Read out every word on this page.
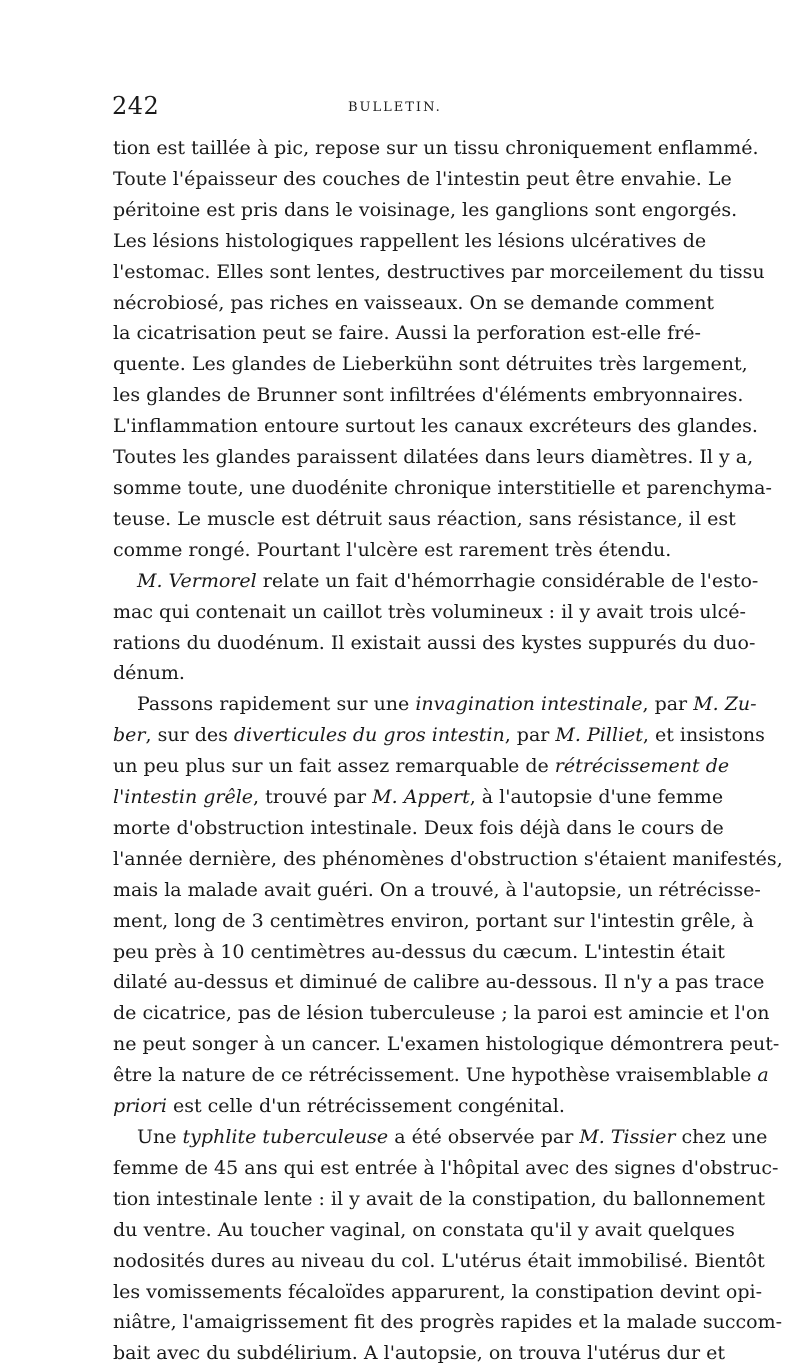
242	BULLETIN.
tion est taillée à pic, repose sur un tissu chroniquement enflammé.
Toute l'épaisseur des couches de l'intestin peut être envahie. Le
péritoine est pris dans le voisinage, les ganglions sont engorgés.
Les lésions histologiques rappellent les lésions ulcératives de
l'estomac. Elles sont lentes, destructives par morceilement du tissu
nécrobiosé, pas riches en vaisseaux. On se demande comment
la cicatrisation peut se faire. Aussi la perforation est-elle fré-
quente. Les glandes de Lieberkühn sont détruites très largement,
les glandes de Brunner sont infiltrées d'éléments embryonnaires.
L'inflammation entoure surtout les canaux excréteurs des glandes.
Toutes les glandes paraissent dilatées dans leurs diamètres. Il y a,
somme toute, une duodénite chronique interstitielle et parenchyma-
teuse. Le muscle est détruit saus réaction, sans résistance, il est
comme rongé. Pourtant l'ulcère est rarement très étendu.
M. Vermorel relate un fait d'hémorrhagie considérable de l'esto-
mac qui contenait un caillot très volumineux : il y avait trois ulcé-
rations du duodénum. Il existait aussi des kystes suppurés du duo-
dénum.
Passons rapidement sur une invagination intestinale, par M. Zu-
ber, sur des diverticules du gros intestin, par M. Pilliet, et insistons
un peu plus sur un fait assez remarquable de rétrécissement de
l'intestin grêle, trouvé par M. Appert, à l'autopsie d'une femme
morte d'obstruction intestinale. Deux fois déjà dans le cours de
l'année dernière, des phénomènes d'obstruction s'étaient manifestés,
mais la malade avait guéri. On a trouvé, à l'autopsie, un rétrécisse-
ment, long de 3 centimètres environ, portant sur l'intestin grêle, à
peu près à 10 centimètres au-dessus du cæcum. L'intestin était
dilaté au-dessus et diminué de calibre au-dessous. Il n'y a pas trace
de cicatrice, pas de lésion tuberculeuse ; la paroi est amincie et l'on
ne peut songer à un cancer. L'examen histologique démontrera peut-
être la nature de ce rétrécissement. Une hypothèse vraisemblable a
priori est celle d'un rétrécissement congénital.
Une typhlite tuberculeuse a été observée par M. Tissier chez une
femme de 45 ans qui est entrée à l'hôpital avec des signes d'obstruc-
tion intestinale lente : il y avait de la constipation, du ballonnement
du ventre. Au toucher vaginal, on constata qu'il y avait quelques
nodosités dures au niveau du col. L'utérus était immobilisé. Bientôt
les vomissements fécaloïdes apparurent, la constipation devint opi-
niâtre, l'amaigrissement fit des progrès rapides et la malade succom-
bait avec du subdélirium. A l'autopsie, on trouva l'utérus dur et
